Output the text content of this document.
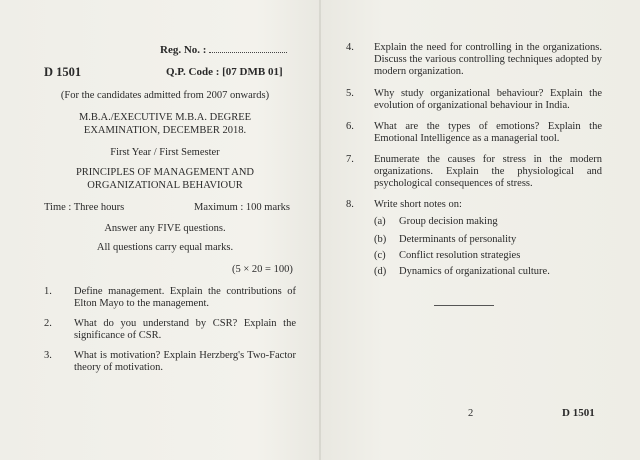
Reg. No. :
D 1501	Q.P. Code : [07 DMB 01]
(For the candidates admitted from 2007 onwards)
M.B.A./EXECUTIVE M.B.A. DEGREE
EXAMINATION, DECEMBER 2018.
First Year / First Semester
PRINCIPLES OF MANAGEMENT AND
ORGANIZATIONAL BEHAVIOUR
Time : Three hours	Maximum : 100 marks
Answer any FIVE questions.
All questions carry equal marks.
(5 × 20 = 100)
1. Define management. Explain the contributions of Elton Mayo to the management.
2. What do you understand by CSR? Explain the significance of CSR.
3. What is motivation? Explain Herzberg's Two-Factor theory of motivation.
4. Explain the need for controlling in the organizations. Discuss the various controlling techniques adopted by modern organization.
5. Why study organizational behaviour? Explain the evolution of organizational behaviour in India.
6. What are the types of emotions? Explain the Emotional Intelligence as a managerial tool.
7. Enumerate the causes for stress in the modern organizations. Explain the physiological and psychological consequences of stress.
8. Write short notes on:
(a) Group decision making
(b) Determinants of personality
(c) Conflict resolution strategies
(d) Dynamics of organizational culture.
2	D 1501
